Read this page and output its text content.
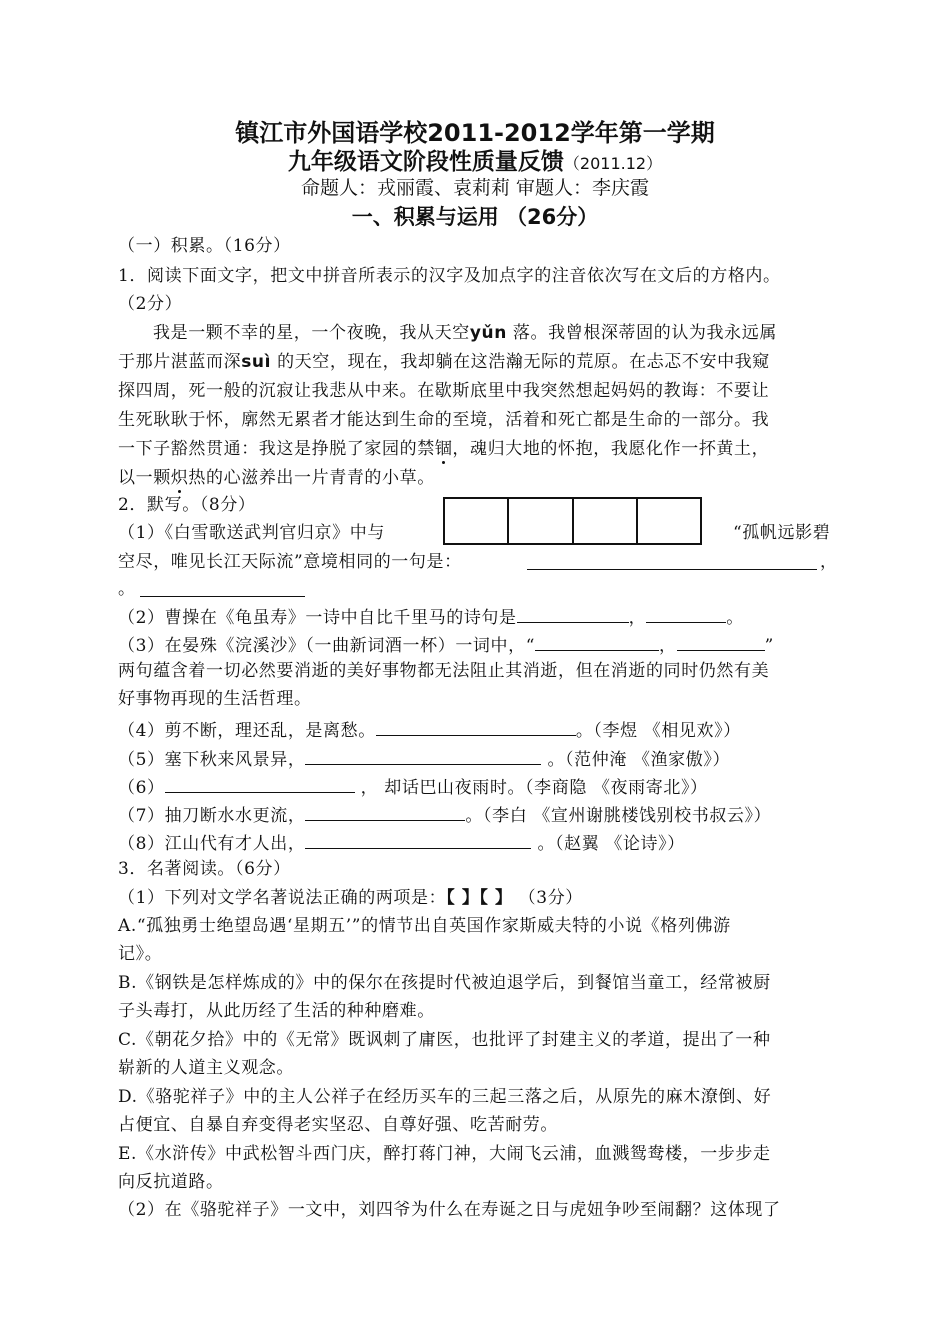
镇江市外国语学校2011-2012学年第一学期
九年级语文阶段性质量反馈（2011.12）
命题人：戎丽霞、袁莉莉 审题人：李庆霞
一、积累与运用 （26分）
（一）积累。（16分）
1．阅读下面文字，把文中拼音所表示的汉字及加点字的注音依次写在文后的方格内。
（2分）
我是一颗不幸的星，一个夜晚，我从天空yǔn 落。我曾根深蒂固的认为我永远属
于那片湛蓝而深suì 的天空，现在，我却躺在这浩瀚无际的荒原。在忐忑不安中我窥
探四周，死一般的沉寂让我悲从中来。在歇斯底里中我突然想起妈妈的教诲：不要让
生死耿耿于怀，廓然无累者才能达到生命的至境，活着和死亡都是生命的一部分。我
一下子豁然贯通：我这是挣脱了家园的禁锢，魂归大地的怀抱，我愿化作一抔黄土，
以一颗炽热的心滋养出一片青青的小草。
2．默写。（8分）
（1）《白雪歌送武判官归京》中与	“孤帆远影碧
空尽，唯见长江天际流”意境相同的一句是：	，
。
（2）曹操在《龟虽寿》一诗中自比千里马的诗句是	，	。
（3）在晏殊《浣溪沙》（一曲新词酒一杯）一词中，“	，	”
两句蕴含着一切必然要消逝的美好事物都无法阻止其消逝，但在消逝的同时仍然有美
好事物再现的生活哲理。
（4）剪不断，理还乱，是离愁。	。（李煜 《相见欢》）
（5）塞下秋来风景异，	。（范仲淹 《渔家傲》）
（6）	， 却话巴山夜雨时。（李商隐 《夜雨寄北》）
（7）抽刀断水水更流，	。（李白 《宣州谢朓楼饯别校书叔云》）
（8）江山代有才人出，	。（赵翼 《论诗》）
3．名著阅读。（6分）
（1）下列对文学名著说法正确的两项是：【 】【 】 （3分）
A.“孤独勇士绝望岛遇‘星期五’”的情节出自英国作家斯威夫特的小说《格列佛游
记》。
B.《钢铁是怎样炼成的》中的保尔在孩提时代被迫退学后，到餐馆当童工，经常被厨
子头毒打，从此历经了生活的种种磨难。
C.《朝花夕拾》中的《无常》既讽刺了庸医，也批评了封建主义的孝道，提出了一种
崭新的人道主义观念。
D.《骆驼祥子》中的主人公祥子在经历买车的三起三落之后，从原先的麻木潦倒、好
占便宜、自暴自弃变得老实坚忍、自尊好强、吃苦耐劳。
E.《水浒传》中武松智斗西门庆，醉打蒋门神，大闹飞云浦，血溅鸳鸯楼，一步步走
向反抗道路。
（2）在《骆驼祥子》一文中，刘四爷为什么在寿诞之日与虎妞争吵至闹翻？这体现了
